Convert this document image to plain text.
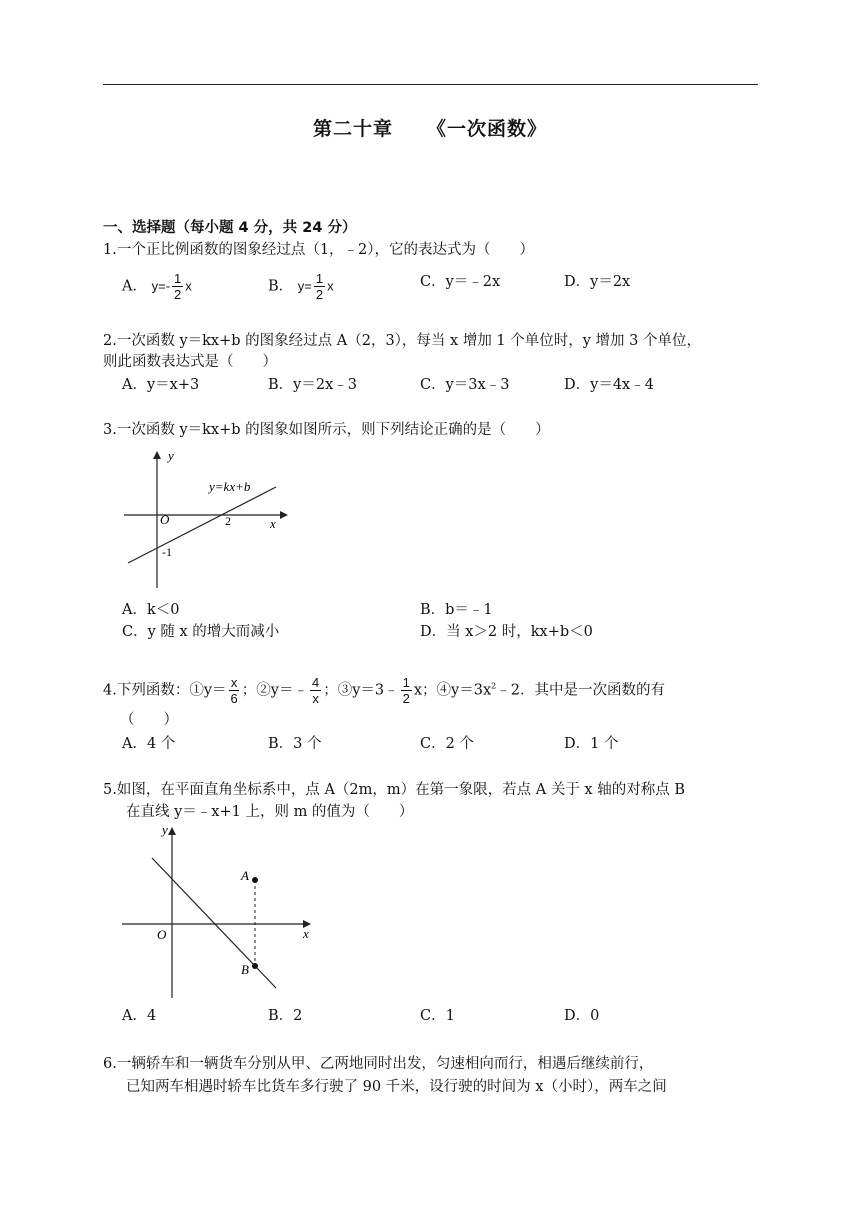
第二十章 《一次函数》
一、选择题（每小题 4 分，共 24 分）
1.一个正比例函数的图象经过点（1，﹣2），它的表达式为（　　）
A． $y=- \frac{1}{2}$ x	B． $y= \frac{1}{2}$ x	C．y＝﹣2x	D．y＝2x
2.一次函数 y＝kx+b 的图象经过点 A（2，3），每当 x 增加 1 个单位时，y 增加 3 个单位，
则此函数表达式是（　　）
A．y＝x+3	B．y＝2x﹣3	C．y＝3x﹣3	D．y＝4x﹣4
3.一次函数 y＝kx+b 的图象如图所示，则下列结论正确的是（　　）
y
x
O	2
-1
y=kx+b
A．k＜0	B．b＝﹣1
C．y 随 x 的增大而减小	D．当 x＞2 时，kx+b＜0
4.下列函数：①y＝ $\frac{x}{6}$ ；②y＝﹣ $\frac{4}{x}$ ；③y＝3﹣ $\frac{1}{2}$ x；$④y=3x^2﹣2$．其中是一次函数的有
（　　）
A．4 个	B．3 个	C．2 个	D．1 个
5.如图，在平面直角坐标系中，点 A（2m，m）在第一象限，若点 A 关于 x 轴的对称点 B
在直线 y＝﹣x+1 上，则 m 的值为（　　）
y
x
O
A
B
A．4	B．2	C．1	D．0
6.一辆轿车和一辆货车分别从甲、乙两地同时出发，匀速相向而行，相遇后继续前行，
已知两车相遇时轿车比货车多行驶了 90 千米，设行驶的时间为 x（小时），两车之间
